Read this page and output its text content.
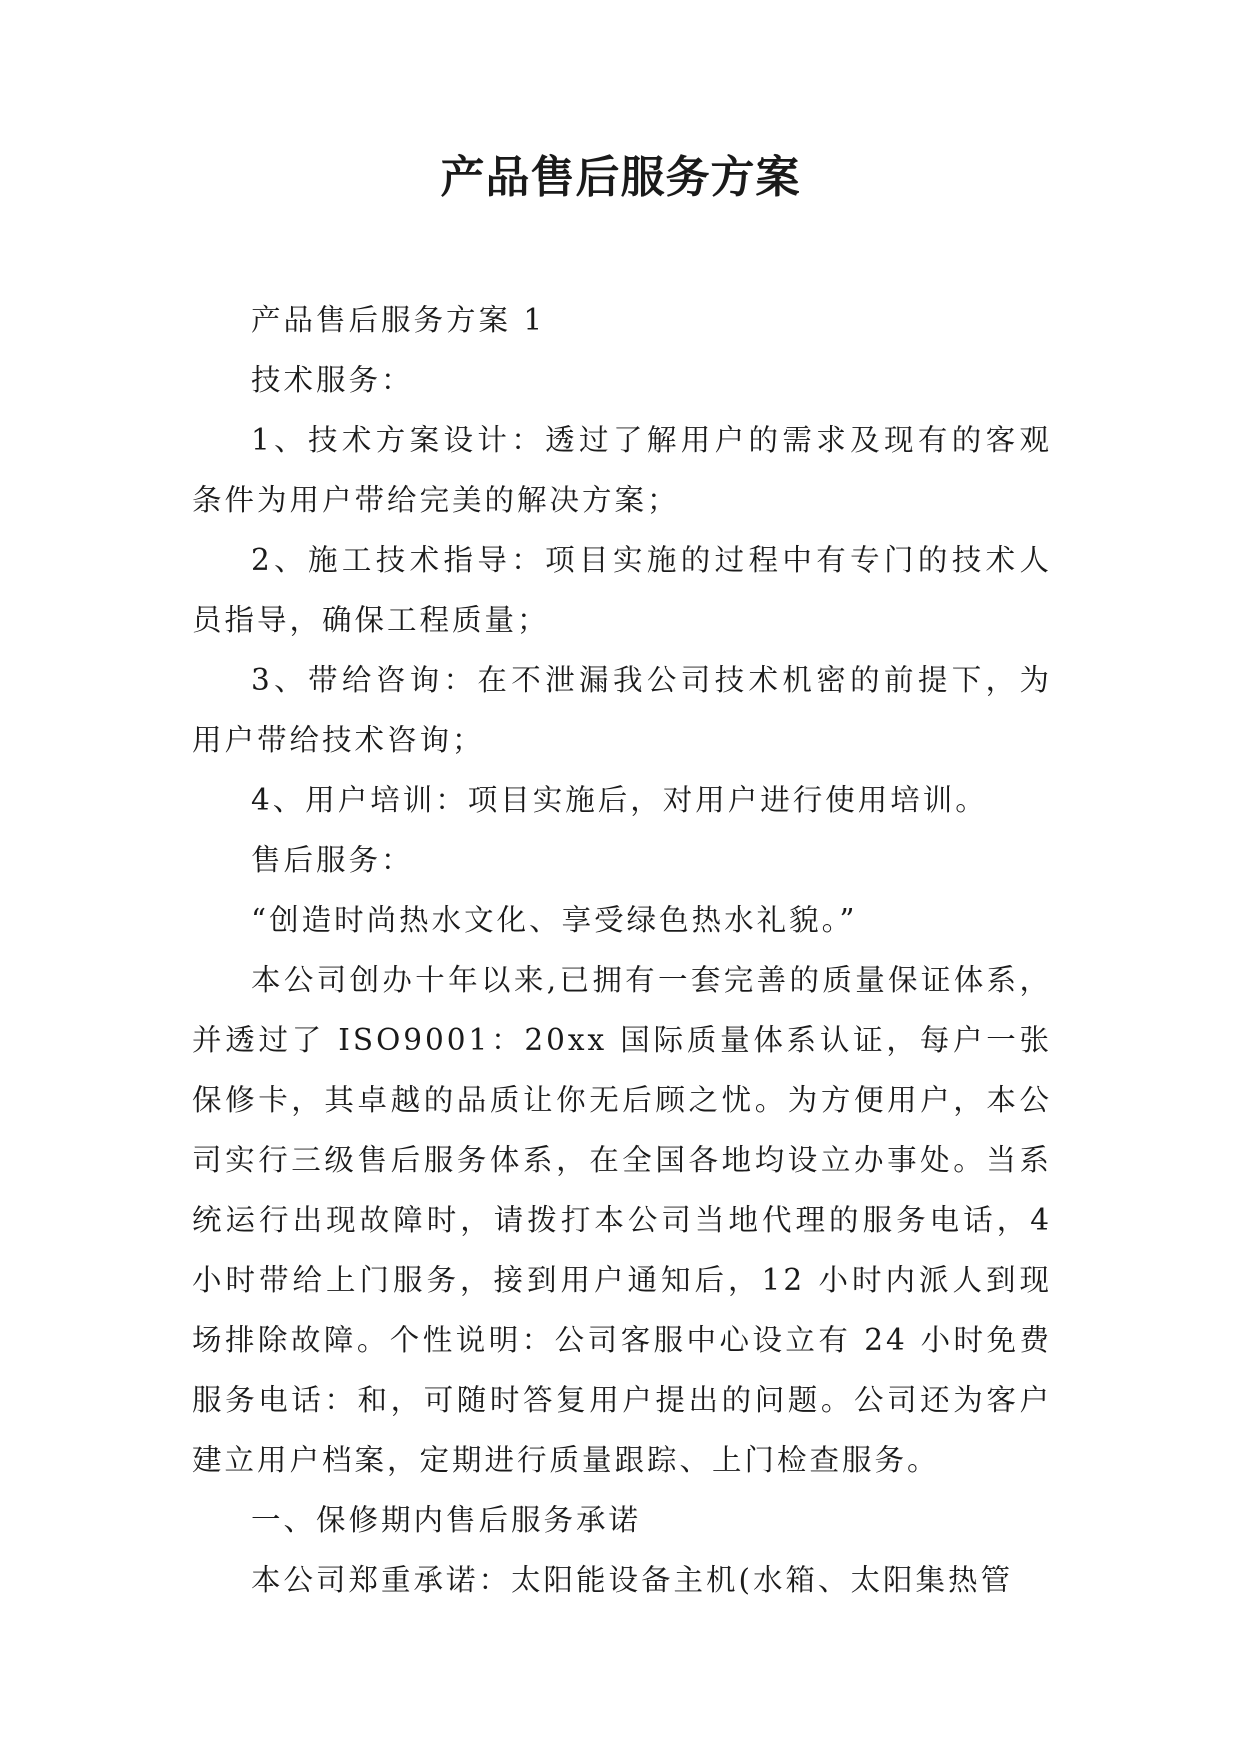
产品售后服务方案

产品售后服务方案 1

技术服务：

1、技术方案设计：透过了解用户的需求及现有的客观条件为用户带给完美的解决方案；

2、施工技术指导：项目实施的过程中有专门的技术人员指导，确保工程质量；

3、带给咨询：在不泄漏我公司技术机密的前提下，为用户带给技术咨询；

4、用户培训：项目实施后，对用户进行使用培训。

售后服务：

“创造时尚热水文化、享受绿色热水礼貌。”

本公司创办十年以来,已拥有一套完善的质量保证体系，并透过了 ISO9001：20xx 国际质量体系认证，每户一张保修卡，其卓越的品质让你无后顾之忧。为方便用户，本公司实行三级售后服务体系，在全国各地均设立办事处。当系统运行出现故障时，请拨打本公司当地代理的服务电话，4 小时带给上门服务，接到用户通知后，12 小时内派人到现场排除故障。个性说明：公司客服中心设立有 24 小时免费服务电话：和，可随时答复用户提出的问题。公司还为客户建立用户档案，定期进行质量跟踪、上门检查服务。

一、保修期内售后服务承诺

本公司郑重承诺：太阳能设备主机(水箱、太阳集热管
